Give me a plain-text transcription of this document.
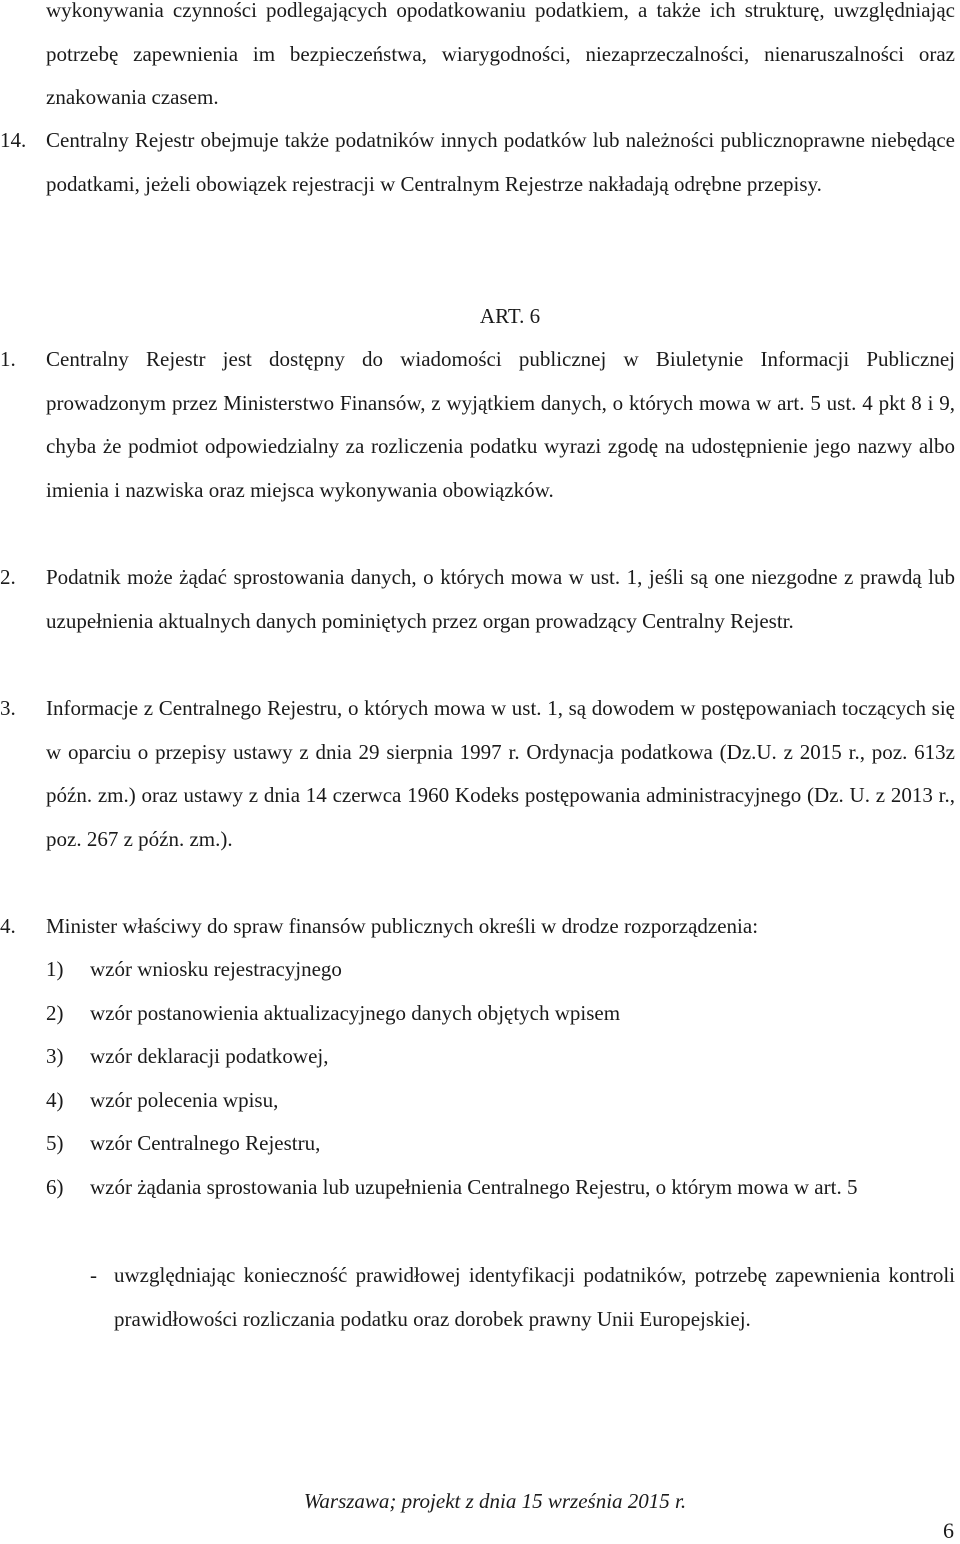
wykonywania czynności podlegających opodatkowaniu podatkiem, a także ich strukturę, uwzględniając potrzebę zapewnienia im bezpieczeństwa, wiarygodności, niezaprzeczalności, nienaruszalności oraz znakowania czasem.

14. Centralny Rejestr obejmuje także podatników innych podatków lub należności publicznoprawne niebędące podatkami, jeżeli obowiązek rejestracji w Centralnym Rejestrze nakładają odrębne przepisy.

ART. 6

1.	Centralny Rejestr jest dostępny do wiadomości publicznej w Biuletynie Informacji Publicznej prowadzonym przez Ministerstwo Finansów, z wyjątkiem danych, o których mowa w art. 5 ust. 4 pkt 8 i 9, chyba że podmiot odpowiedzialny za rozliczenia podatku wyrazi zgodę na udostępnienie jego nazwy albo imienia i nazwiska oraz miejsca wykonywania obowiązków.

2.	Podatnik może żądać sprostowania danych, o których mowa w ust. 1, jeśli są one niezgodne z prawdą lub uzupełnienia aktualnych danych pominiętych przez organ prowadzący Centralny Rejestr.

3.	Informacje z Centralnego Rejestru, o których mowa w ust. 1, są dowodem w postępowaniach toczących się w oparciu o przepisy ustawy z dnia 29 sierpnia 1997 r. Ordynacja podatkowa (Dz.U. z 2015 r., poz. 613z późn. zm.) oraz ustawy z dnia 14 czerwca 1960 Kodeks postępowania administracyjnego (Dz. U. z 2013 r., poz. 267 z późn. zm.).

4.	Minister właściwy do spraw finansów publicznych określi w drodze rozporządzenia:

1) wzór wniosku rejestracyjnego
2) wzór postanowienia aktualizacyjnego danych objętych wpisem
3) wzór deklaracji podatkowej,
4) wzór polecenia wpisu,
5) wzór Centralnego Rejestru,
6) wzór żądania sprostowania lub uzupełnienia Centralnego Rejestru, o którym mowa w art. 5

- uwzględniając konieczność prawidłowej identyfikacji podatników, potrzebę zapewnienia kontroli prawidłowości rozliczania podatku oraz dorobek prawny Unii Europejskiej.

Warszawa; projekt z dnia 15 września 2015 r.

6
